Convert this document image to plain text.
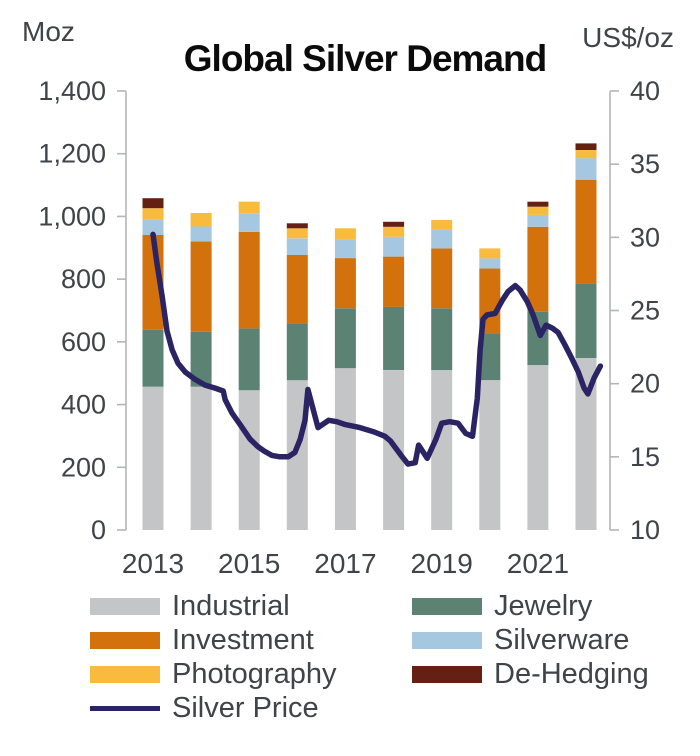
Moz
Global Silver Demand
US$/oz
0
200
400
600
800
1,000
1,200
1,400
10
15
20
25
30
35
40
2013 2015 2017 2019 2021
Industrial	Jewelry
Investment	Silverware
Photography	De-Hedging
Silver Price
